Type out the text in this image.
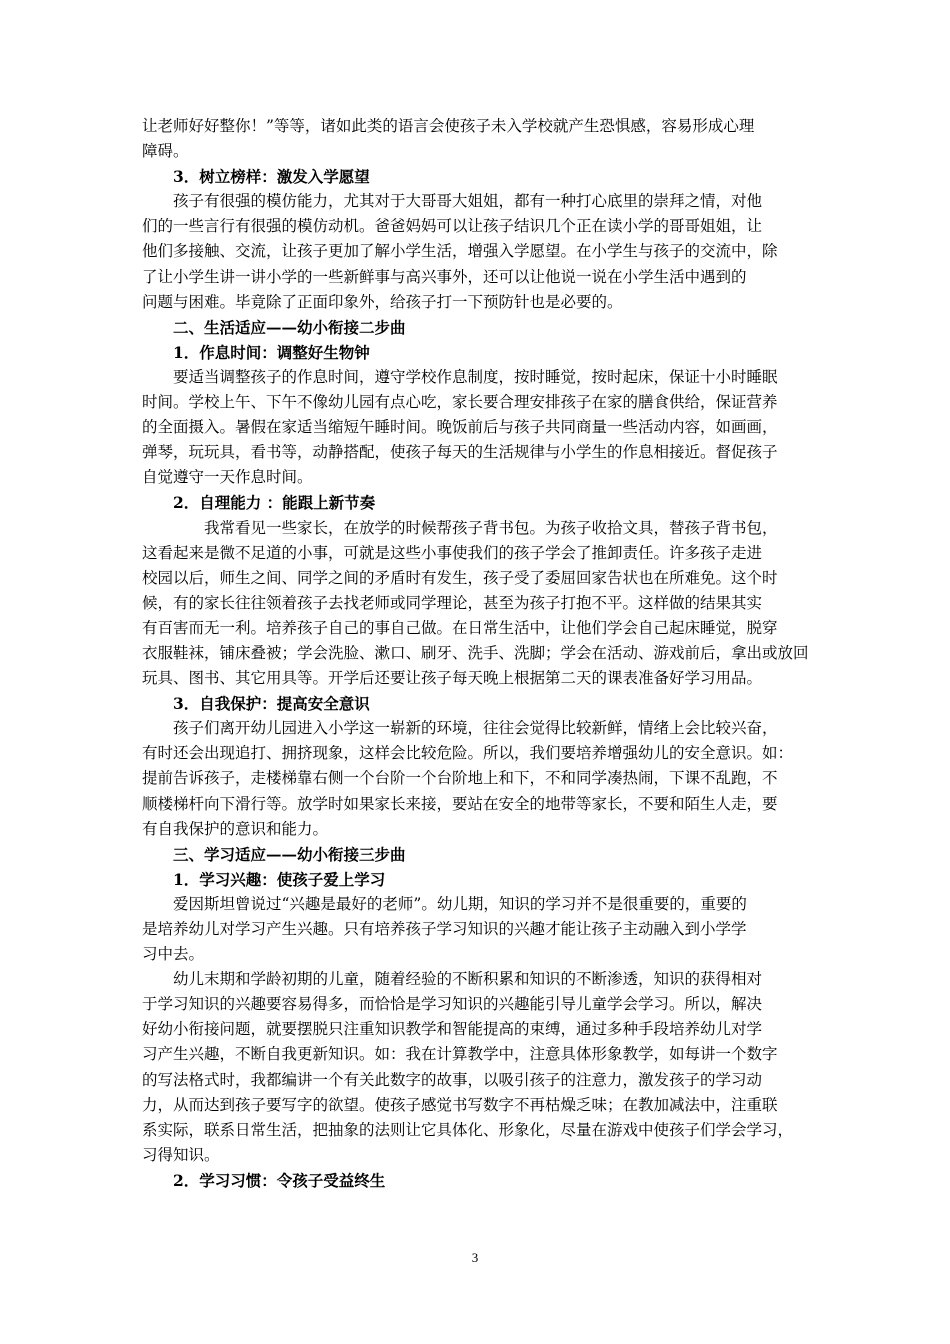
让老师好好整你！”等等，诸如此类的语言会使孩子未入学校就产生恐惧感，容易形成心理
障碍。
3．树立榜样：激发入学愿望
孩子有很强的模仿能力，尤其对于大哥哥大姐姐，都有一种打心底里的崇拜之情，对他
们的一些言行有很强的模仿动机。爸爸妈妈可以让孩子结识几个正在读小学的哥哥姐姐，让
他们多接触、交流，让孩子更加了解小学生活，增强入学愿望。在小学生与孩子的交流中，除
了让小学生讲一讲小学的一些新鲜事与高兴事外，还可以让他说一说在小学生活中遇到的
问题与困难。毕竟除了正面印象外，给孩子打一下预防针也是必要的。
二、生活适应——幼小衔接二步曲
1．作息时间：调整好生物钟
要适当调整孩子的作息时间，遵守学校作息制度，按时睡觉，按时起床，保证十小时睡眠
时间。学校上午、下午不像幼儿园有点心吃，家长要合理安排孩子在家的膳食供给，保证营养
的全面摄入。暑假在家适当缩短午睡时间。晚饭前后与孩子共同商量一些活动内容，如画画，
弹琴，玩玩具，看书等，动静搭配，使孩子每天的生活规律与小学生的作息相接近。督促孩子
自觉遵守一天作息时间。
2．自理能力 ：能跟上新节奏
我常看见一些家长，在放学的时候帮孩子背书包。为孩子收拾文具，替孩子背书包，
这看起来是微不足道的小事，可就是这些小事使我们的孩子学会了推卸责任。许多孩子走进
校园以后，师生之间、同学之间的矛盾时有发生，孩子受了委屈回家告状也在所难免。这个时
候，有的家长往往领着孩子去找老师或同学理论，甚至为孩子打抱不平。这样做的结果其实
有百害而无一利。培养孩子自己的事自己做。在日常生活中，让他们学会自己起床睡觉，脱穿
衣服鞋袜，铺床叠被；学会洗脸、漱口、刷牙、洗手、洗脚；学会在活动、游戏前后，拿出或放回
玩具、图书、其它用具等。开学后还要让孩子每天晚上根据第二天的课表准备好学习用品。
3．自我保护：提高安全意识
孩子们离开幼儿园进入小学这一崭新的环境，往往会觉得比较新鲜，情绪上会比较兴奋，
有时还会出现追打、拥挤现象，这样会比较危险。所以，我们要培养增强幼儿的安全意识。如：
提前告诉孩子，走楼梯靠右侧一个台阶一个台阶地上和下，不和同学凑热闹，下课不乱跑，不
顺楼梯杆向下滑行等。放学时如果家长来接，要站在安全的地带等家长，不要和陌生人走，要
有自我保护的意识和能力。
三、学习适应——幼小衔接三步曲
1．学习兴趣：使孩子爱上学习
爱因斯坦曾说过“兴趣是最好的老师”。幼儿期，知识的学习并不是很重要的，重要的
是培养幼儿对学习产生兴趣。只有培养孩子学习知识的兴趣才能让孩子主动融入到小学学
习中去。
幼儿末期和学龄初期的儿童，随着经验的不断积累和知识的不断渗透，知识的获得相对
于学习知识的兴趣要容易得多，而恰恰是学习知识的兴趣能引导儿童学会学习。所以，解决
好幼小衔接问题，就要摆脱只注重知识教学和智能提高的束缚，通过多种手段培养幼儿对学
习产生兴趣，不断自我更新知识。如：我在计算教学中，注意具体形象教学，如每讲一个数字
的写法格式时，我都编讲一个有关此数字的故事，以吸引孩子的注意力，激发孩子的学习动
力，从而达到孩子要写字的欲望。使孩子感觉书写数字不再枯燥乏味；在教加减法中，注重联
系实际，联系日常生活，把抽象的法则让它具体化、形象化，尽量在游戏中使孩子们学会学习，
习得知识。
2．学习习惯：令孩子受益终生
3
